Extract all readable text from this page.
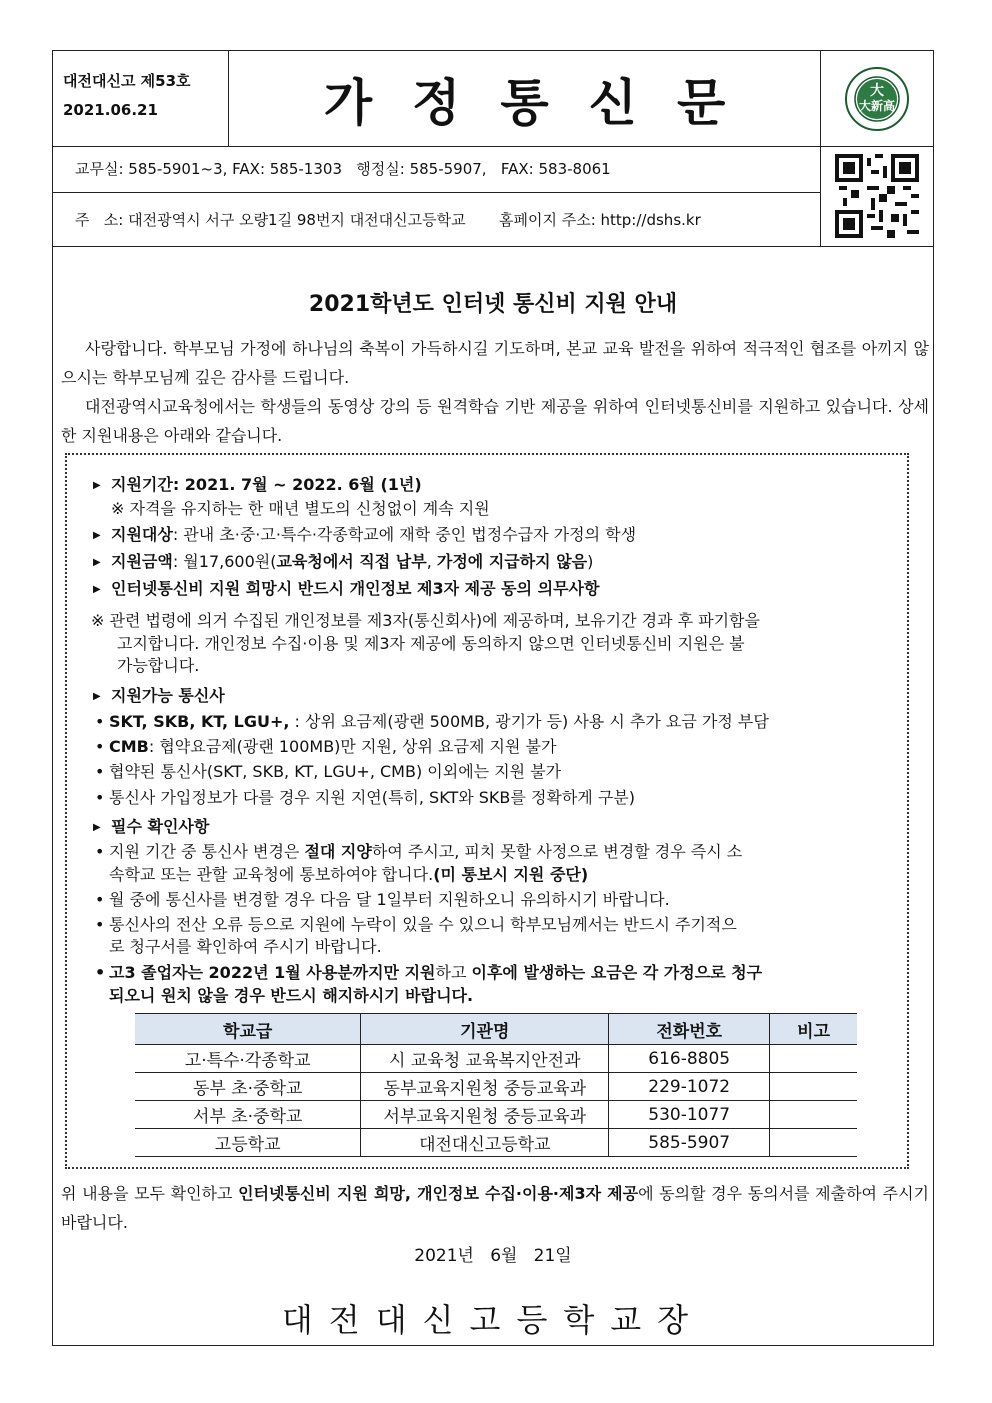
대전대신고 제53호
2021.06.21	가정통신문	大
大新高
교무실: 585-5901~3, FAX: 585-1303   행정실: 585-5907,   FAX: 583-8061
주   소: 대전광역시 서구 오량1길 98번지 대전대신고등학교       홈페이지 주소: http://dshs.kr
2021학년도 인터넷 통신비 지원 안내

사랑합니다. 학부모님 가정에 하나님의 축복이 가득하시길 기도하며, 본교 교육 발전을 위하여 적극적인 협조를 아끼지 않으시는 학부모님께 깊은 감사를 드립니다.

대전광역시교육청에서는 학생들의 동영상 강의 등 원격학습 기반 제공을 위하여 인터넷통신비를 지원하고 있습니다. 상세한 지원내용은 아래와 같습니다.

▶ 지원기간: 2021. 7월 ~ 2022. 6월 (1년)
※ 자격을 유지하는 한 매년 별도의 신청없이 계속 지원
▶ 지원대상: 관내 초·중·고·특수·각종학교에 재학 중인 법정수급자 가정의 학생
▶ 지원금액: 월17,600원(교육청에서 직접 납부, 가정에 지급하지 않음)
▶ 인터넷통신비 지원 희망시 반드시 개인정보 제3자 제공 동의 의무사항
※ 관련 법령에 의거 수집된 개인정보를 제3자(통신회사)에 제공하며, 보유기간 경과 후 파기함을
고지합니다. 개인정보 수집·이용 및 제3자 제공에 동의하지 않으면 인터넷통신비 지원은 불
가능합니다.
▶ 지원가능 통신사
• SKT, SKB, KT, LGU+, : 상위 요금제(광랜 500MB, 광기가 등) 사용 시 추가 요금 가정 부담
• CMB: 협약요금제(광랜 100MB)만 지원, 상위 요금제 지원 불가
• 협약된 통신사(SKT, SKB, KT, LGU+, CMB) 이외에는 지원 불가
• 통신사 가입정보가 다를 경우 지원 지연(특히, SKT와 SKB를 정확하게 구분)
▶ 필수 확인사항
• 지원 기간 중 통신사 변경은 절대 지양하여 주시고, 피치 못할 사정으로 변경할 경우 즉시 소
속학교 또는 관할 교육청에 통보하여야 합니다.(미 통보시 지원 중단)
• 월 중에 통신사를 변경할 경우 다음 달 1일부터 지원하오니 유의하시기 바랍니다.
• 통신사의 전산 오류 등으로 지원에 누락이 있을 수 있으니 학부모님께서는 반드시 주기적으
로 청구서를 확인하여 주시기 바랍니다.
• 고3 졸업자는 2022년 1월 사용분까지만 지원하고 이후에 발생하는 요금은 각 가정으로 청구
되오니 원치 않을 경우 반드시 해지하시기 바랍니다.
학교급	기관명	전화번호	비고
고·특수·각종학교	시 교육청 교육복지안전과	616-8805	
동부 초·중학교	동부교육지원청 중등교육과	229-1072	
서부 초·중학교	서부교육지원청 중등교육과	530-1077	
고등학교	대전대신고등학교	585-5907	
위 내용을 모두 확인하고 인터넷통신비 지원 희망, 개인정보 수집·이용·제3자 제공에 동의할 경우 동의서를 제출하여 주시기 바랍니다.
2021년   6월   21일
대전대신고등학교장
